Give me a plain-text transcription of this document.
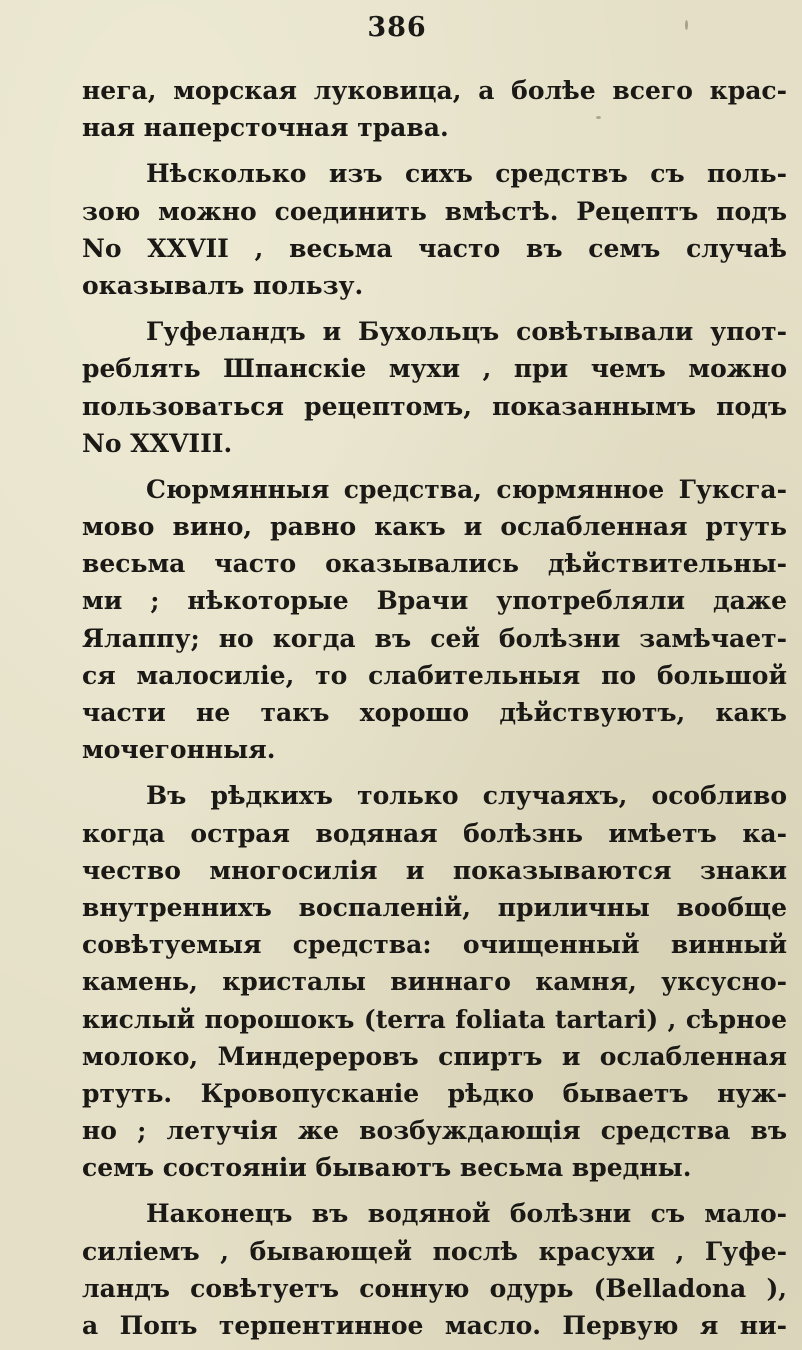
386
нега, морская луковица, а болѣе всего крас-
ная наперсточная трава.
Нѣсколько изъ сихъ средствъ съ поль-
зою можно соединить вмѣстѣ. Рецептъ подъ
No XXVII , весьма часто въ семъ случаѣ
оказывалъ пользу.
Гуфеландъ и Бухольцъ совѣтывали упот-
реблять Шпанскіе мухи , при чемъ можно
пользоваться рецептомъ, показаннымъ подъ
No XXVIII.
Сюрмянныя средства, сюрмянное Гуксга-
мово вино, равно какъ и ослабленная ртуть
весьма часто оказывались дѣйствительны-
ми ; нѣкоторые Врачи употребляли даже
Ялаппу; но когда въ сей болѣзни замѣчает-
ся малосиліе, то слабительныя по большой
части не такъ хорошо дѣйствуютъ, какъ
мочегонныя.
Въ рѣдкихъ только случаяхъ, особливо
когда острая водяная болѣзнь имѣетъ ка-
чество многосилія и показываются знаки
внутреннихъ воспаленій, приличны вообще
совѣтуемыя средства: очищенный винный
камень, кристалы виннаго камня, уксусно-
кислый порошокъ (terra foliata tartari) , сѣрное
молоко, Миндереровъ спиртъ и ослабленная
ртуть. Кровопусканіе рѣдко бываетъ нуж-
но ; летучія же возбуждающія средства въ
семъ состояніи бываютъ весьма вредны.
Наконецъ въ водяной болѣзни съ мало-
силіемъ , бывающей послѣ красухи , Гуфе-
ландъ совѣтуетъ сонную одурь (Belladona ),
а Попъ терпентинное масло. Первую я ни-
